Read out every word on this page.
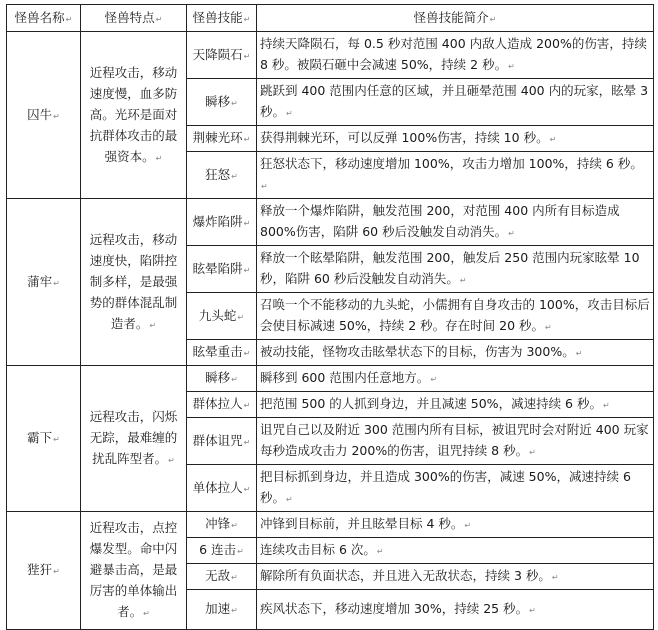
怪兽名称↵	怪兽特点↵	怪兽技能↵	怪兽技能简介↵
囚牛↵	近程攻击，移动速度慢，血多防高。光环是面对抗群体攻击的最强资本。↵	天降陨石↵	持续天降陨石，每 0.5 秒对范围 400 内敌人造成 200%的伤害，持续 8 秒。被陨石砸中会减速 50%，持续 2 秒。↵
		瞬移↵	跳跃到 400 范围内任意的区域，并且砸晕范围 400 内的玩家，眩晕 3 秒。↵
		荆棘光环↵	获得荆棘光环，可以反弹 100%伤害，持续 10 秒。↵
		狂怒↵	狂怒状态下，移动速度增加 100%，攻击力增加 100%，持续 6 秒。↵
蒲牢↵	远程攻击，移动速度快，陷阱控制多样，是最强势的群体混乱制造者。↵	爆炸陷阱↵	释放一个爆炸陷阱，触发范围 200，对范围 400 内所有目标造成 800%伤害，陷阱 60 秒后没触发自动消失。↵
		眩晕陷阱↵	释放一个眩晕陷阱，触发范围 200，触发后 250 范围内玩家眩晕 10 秒，陷阱 60 秒后没触发自动消失。↵
		九头蛇↵	召唤一个不能移动的九头蛇，小儒拥有自身攻击的 100%，攻击目标后会使目标减速 50%，持续 2 秒。存在时间 20 秒。↵
		眩晕重击↵	被动技能，怪物攻击眩晕状态下的目标，伤害为 300%。↵
霸下↵	远程攻击，闪烁无踪，最难缠的扰乱阵型者。↵	瞬移↵	瞬移到 600 范围内任意地方。↵
		群体拉人↵	把范围 500 的人抓到身边，并且减速 50%，减速持续 6 秒。↵
		群体诅咒↵	诅咒自己以及附近 300 范围内所有目标，被诅咒时会对附近 400 玩家每秒造成攻击力 200%的伤害，诅咒持续 8 秒。↵
		单体拉人↵	把目标抓到身边，并且造成 300%的伤害，减速 50%，减速持续 6 秒。↵
狴犴↵	近程攻击，点控爆发型。命中闪避暴击高，是最厉害的单体输出者。↵	冲锋↵	冲锋到目标前，并且眩晕目标 4 秒。↵
		6 连击↵	连续攻击目标 6 次。↵
		无敌↵	解除所有负面状态，并且进入无敌状态，持续 3 秒。↵
		加速↵	疾风状态下，移动速度增加 30%，持续 25 秒。↵
